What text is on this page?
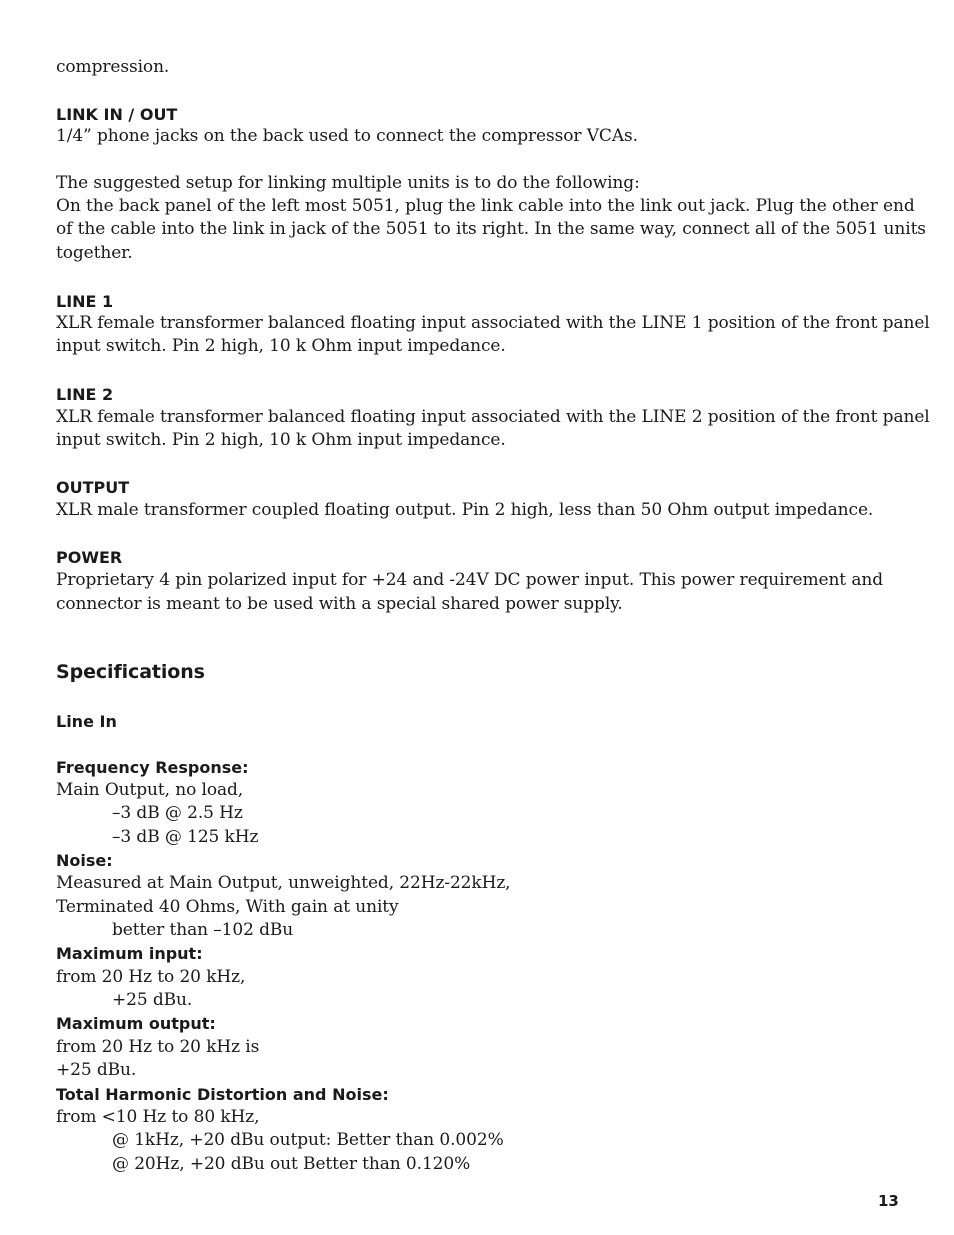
compression.
LINK IN / OUT
1/4” phone jacks on the back used to connect the compressor VCAs.
The suggested setup for linking multiple units is to do the following:
On the back panel of the left most 5051, plug the link cable into the link out jack. Plug the other end
of the cable into the link in jack of the 5051 to its right. In the same way, connect all of the 5051 units
together.
LINE 1
XLR female transformer balanced floating input associated with the LINE 1 position of the front panel
input switch. Pin 2 high, 10 k Ohm input impedance.
LINE 2
XLR female transformer balanced floating input associated with the LINE 2 position of the front panel
input switch. Pin 2 high, 10 k Ohm input impedance.
OUTPUT
XLR male transformer coupled floating output. Pin 2 high, less than 50 Ohm output impedance.
POWER
Proprietary 4 pin polarized input for +24 and -24V DC power input. This power requirement and
connector is meant to be used with a special shared power supply.
Specifications
Line In
Frequency Response:
Main Output, no load,
–3 dB @ 2.5 Hz
–3 dB @ 125 kHz
Noise:
Measured at Main Output, unweighted, 22Hz-22kHz,
Terminated 40 Ohms, With gain at unity
better than –102 dBu
Maximum input:
from 20 Hz to 20 kHz,
+25 dBu.
Maximum output:
from 20 Hz to 20 kHz is
+25 dBu.
Total Harmonic Distortion and Noise:
from <10 Hz to 80 kHz,
@ 1kHz, +20 dBu output: Better than 0.002%
@ 20Hz, +20 dBu out Better than 0.120%
13
